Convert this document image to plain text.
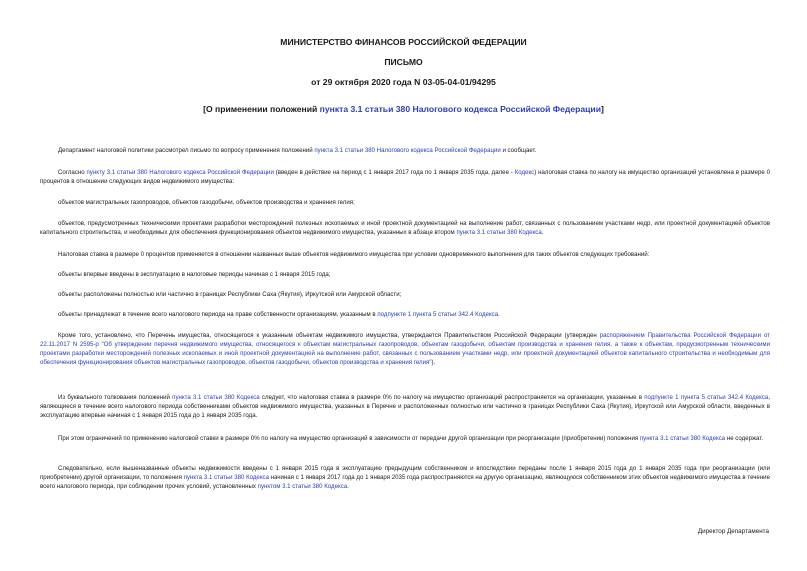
МИНИСТЕРСТВО ФИНАНСОВ РОССИЙСКОЙ ФЕДЕРАЦИИ
ПИСЬМО
от 29 октября 2020 года N 03-05-04-01/94295
[О применении положений пункта 3.1 статьи 380 Налогового кодекса Российской Федерации]

Департамент налоговой политики рассмотрел письмо по вопросу применения положений пункта 3.1 статьи 380 Налогового кодекса Российской Федерации и сообщает.

Согласно пункту 3.1 статьи 380 Налогового кодекса Российской Федерации (введен в действие на период с 1 января 2017 года по 1 января 2035 года, далее - Кодекс) налоговая ставка по налогу на имущество организаций установлена в размере 0 процентов в отношении следующих видов недвижимого имущества:

объектов магистральных газопроводов, объектов газодобычи, объектов производства и хранения гелия;

объектов, предусмотренных техническими проектами разработки месторождений полезных ископаемых и иной проектной документацией на выполнение работ, связанных с пользованием участками недр, или проектной документацией объектов капитального строительства, и необходимых для обеспечения функционирования объектов недвижимого имущества, указанных в абзаце втором пункта 3.1 статьи 380 Кодекса.

Налоговая ставка в размере 0 процентов применяется в отношении названных выше объектов недвижимого имущества при условии одновременного выполнения для таких объектов следующих требований:

объекты впервые введены в эксплуатацию в налоговые периоды начиная с 1 января 2015 года;

объекты расположены полностью или частично в границах Республики Саха (Якутия), Иркутской или Амурской области;

объекты принадлежат в течение всего налогового периода на праве собственности организациям, указанным в подпункте 1 пункта 5 статьи 342.4 Кодекса.

Кроме того, установлено, что Перечень имущества, относящегося к указанным объектам недвижимого имущества, утверждается Правительством Российской Федерации (утвержден распоряжением Правительства Российской Федерации от 22.11.2017 N 2595-р "Об утверждении перечня недвижимого имущества, относящегося к объектам магистральных газопроводов, объектам газодобычи, объектам производства и хранения гелия, а также к объектам, предусмотренным техническими проектами разработки месторождений полезных ископаемых и иной проектной документацией на выполнение работ, связанных с пользованием участками недр, или проектной документацией объектов капитального строительства и необходимым для обеспечения функционирования объектов магистральных газопроводов, объектов газодобычи, объектов производства и хранения гелия").

Из буквального толкования положений пункта 3.1 статьи 380 Кодекса следует, что налоговая ставка в размере 0% по налогу на имущество организаций распространяется на организации, указанные в подпункте 1 пункта 5 статьи 342.4 Кодекса, являющиеся в течение всего налогового периода собственниками объектов недвижимого имущества, указанных в Перечне и расположенных полностью или частично в границах Республики Саха (Якутия), Иркутской или Амурской области, введенных в эксплуатацию впервые начиная с 1 января 2015 года до 1 января 2035 года.

При этом ограничений по применению налоговой ставки в размере 0% по налогу на имущество организаций в зависимости от передачи другой организации при реорганизации (приобретении) положения пункта 3.1 статьи 380 Кодекса не содержат.

Следовательно, если вышеназванные объекты недвижимости введены с 1 января 2015 года в эксплуатацию предыдущим собственником и впоследствии переданы после 1 января 2015 года до 1 января 2035 года при реорганизации (или приобретении) другой организации, то положения пункта 3.1 статьи 380 Кодекса начиная с 1 января 2017 года до 1 января 2035 года распространяются на другую организацию, являющуюся собственником этих объектов недвижимого имущества в течение всего налогового периода, при соблюдении прочих условий, установленных пунктом 3.1 статьи 380 Кодекса.

Директор Департамента
